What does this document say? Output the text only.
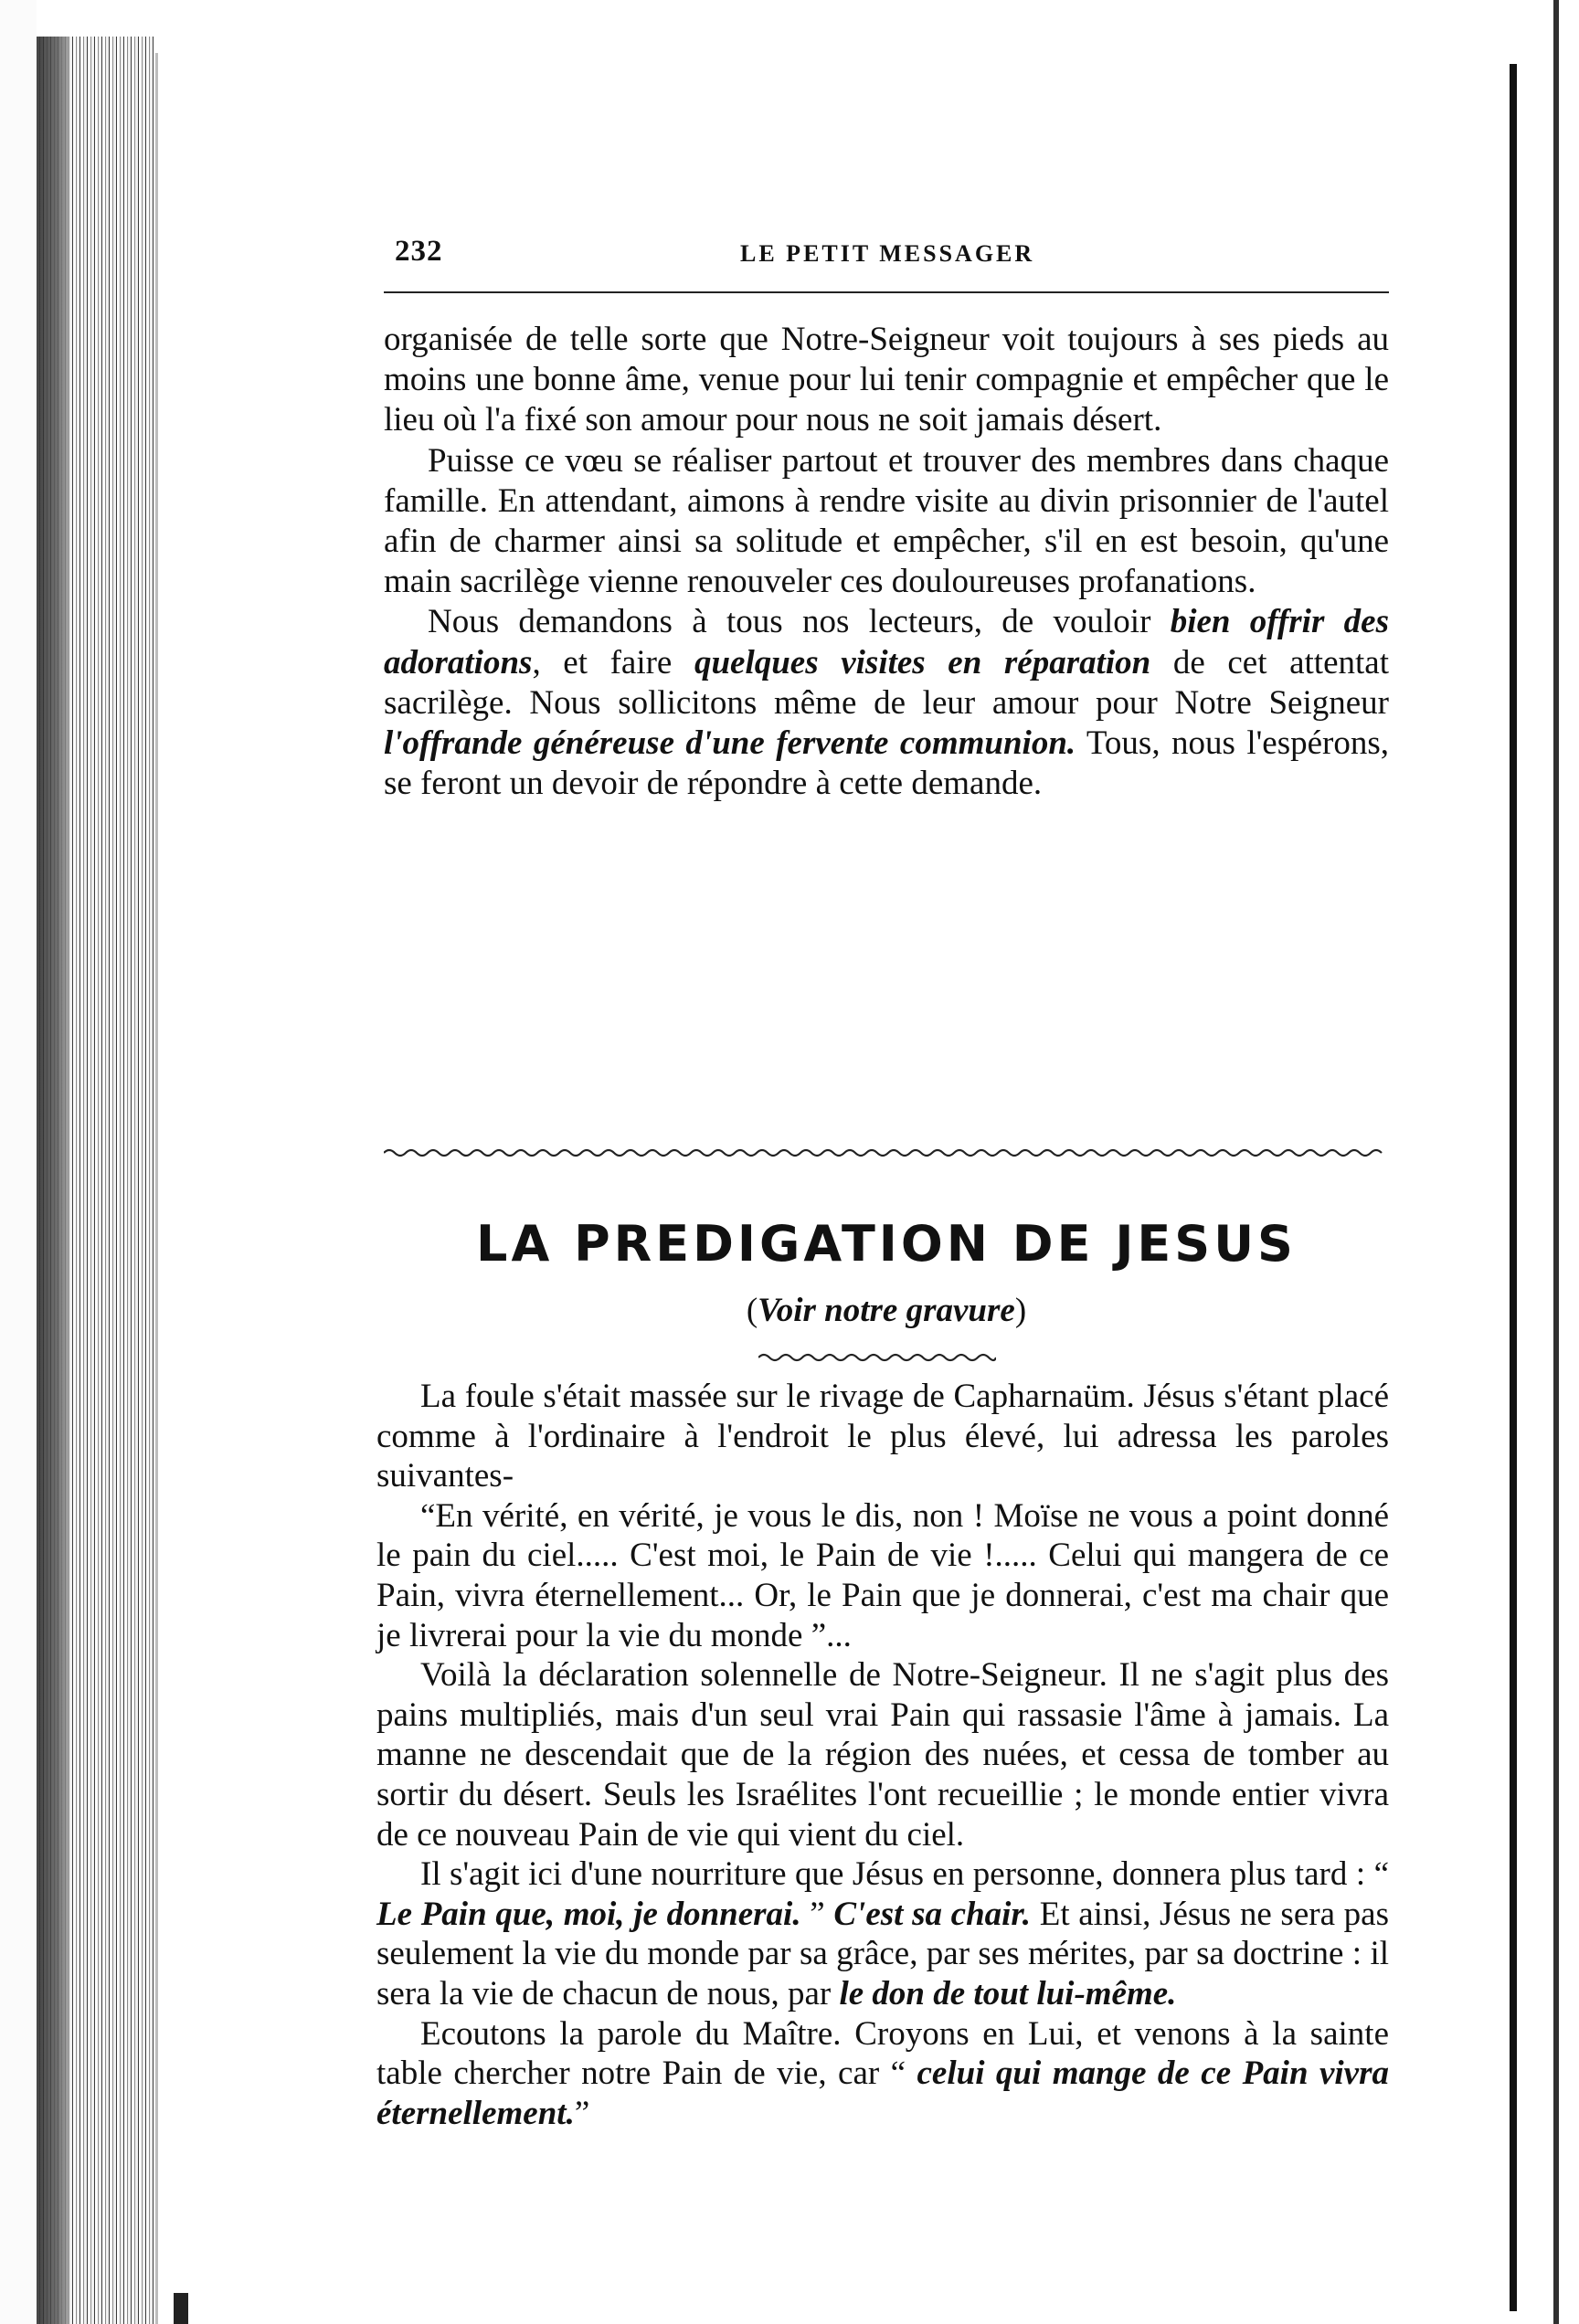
232	LE PETIT MESSAGER

organisée de telle sorte que Notre-Seigneur voit toujours à ses pieds au moins une bonne âme, venue pour lui tenir compagnie et empêcher que le lieu où l'a fixé son amour pour nous ne soit jamais désert.

Puisse ce vœu se réaliser partout et trouver des membres dans chaque famille. En attendant, aimons à rendre visite au divin prisonnier de l'autel afin de charmer ainsi sa solitude et empêcher, s'il en est besoin, qu'une main sacrilège vienne renouveler ces douloureuses profanations.

Nous demandons à tous nos lecteurs, de vouloir bien offrir des adorations, et faire quelques visites en réparation de cet attentat sacrilège. Nous sollicitons même de leur amour pour Notre Seigneur l'offrande généreuse d'une fervente communion. Tous, nous l'espérons, se feront un devoir de répondre à cette demande.

LA PREDIGATION DE JESUS
(Voir notre gravure)

La foule s'était massée sur le rivage de Capharnaüm. Jésus s'étant placé comme à l'ordinaire à l'endroit le plus élevé, lui adressa les paroles suivantes-

“En vérité, en vérité, je vous le dis, non ! Moïse ne vous a point donné le pain du ciel..... C'est moi, le Pain de vie !..... Celui qui mangera de ce Pain, vivra éternellement... Or, le Pain que je donnerai, c'est ma chair que je livrerai pour la vie du monde ”...

Voilà la déclaration solennelle de Notre-Seigneur. Il ne s'agit plus des pains multipliés, mais d'un seul vrai Pain qui rassasie l'âme à jamais. La manne ne descendait que de la région des nuées, et cessa de tomber au sortir du désert. Seuls les Israélites l'ont recueillie ; le monde entier vivra de ce nouveau Pain de vie qui vient du ciel.

Il s'agit ici d'une nourriture que Jésus en personne, donnera plus tard : “ Le Pain que, moi, je donnerai. ” C'est sa chair. Et ainsi, Jésus ne sera pas seulement la vie du monde par sa grâce, par ses mérites, par sa doctrine : il sera la vie de chacun de nous, par le don de tout lui-même.

Ecoutons la parole du Maître. Croyons en Lui, et venons à la sainte table chercher notre Pain de vie, car “ celui qui mange de ce Pain vivra éternellement.”
